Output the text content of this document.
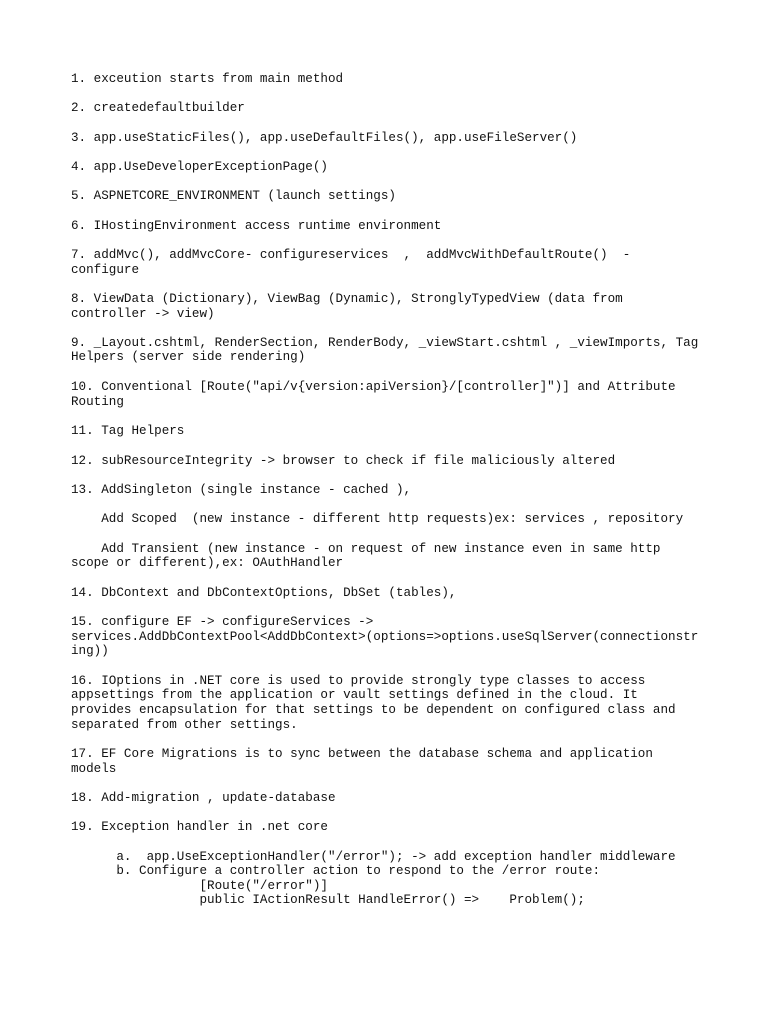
1. exceution starts from main method

2. createdefaultbuilder

3. app.useStaticFiles(), app.useDefaultFiles(), app.useFileServer()

4. app.UseDeveloperExceptionPage()

5. ASPNETCORE_ENVIRONMENT (launch settings)

6. IHostingEnvironment access runtime environment

7. addMvc(), addMvcCore- configureservices  ,  addMvcWithDefaultRoute()  -

configure

8. ViewData (Dictionary), ViewBag (Dynamic), StronglyTypedView (data from

controller -> view)

9. _Layout.cshtml, RenderSection, RenderBody, _viewStart.cshtml , _viewImports, Tag

Helpers (server side rendering)

10. Conventional [Route("api/v{version:apiVersion}/[controller]")] and Attribute

Routing

11. Tag Helpers

12. subResourceIntegrity -> browser to check if file maliciously altered

13. AddSingleton (single instance - cached ),

Add Scoped  (new instance - different http requests)ex: services , repository

Add Transient (new instance - on request of new instance even in same http

scope or different),ex: OAuthHandler

14. DbContext and DbContextOptions, DbSet (tables),

15. configure EF -> configureServices ->

services.AddDbContextPool<AddDbContext>(options=>options.useSqlServer(connectionstr

ing))

16. IOptions in .NET core is used to provide strongly type classes to access

appsettings from the application or vault settings defined in the cloud. It

provides encapsulation for that settings to be dependent on configured class and

separated from other settings.

17. EF Core Migrations is to sync between the database schema and application

models

18. Add-migration , update-database

19. Exception handler in .net core

a.  app.UseExceptionHandler("/error"); -> add exception handler middleware

b. Configure a controller action to respond to the /error route:

[Route("/error")]

public IActionResult HandleError() =>    Problem();
